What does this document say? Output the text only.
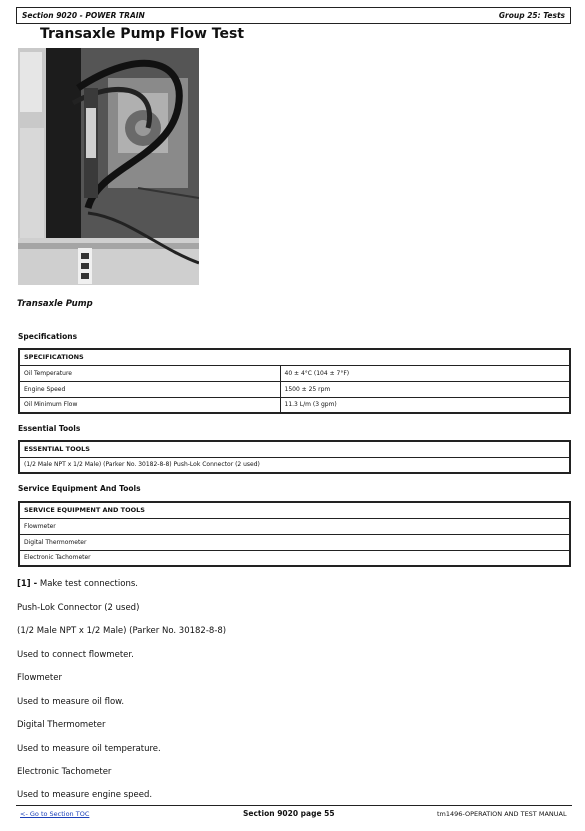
Section 9020 - POWER TRAIN	Group 25: Tests
Transaxle Pump Flow Test
Transaxle Pump
Specifications
SPECIFICATIONS	
Oil Temperature	40 ± 4°C (104 ± 7°F)
Engine Speed	1500 ± 25 rpm
Oil Minimum Flow	11.3 L/m (3 gpm)
Essential Tools
ESSENTIAL TOOLS
(1/2 Male NPT x 1/2 Male) (Parker No. 30182-8-8) Push-Lok Connector (2 used)
Service Equipment And Tools
SERVICE EQUIPMENT AND TOOLS
Flowmeter
Digital Thermometer
Electronic Tachometer
[1] - Make test connections.
Push-Lok Connector (2 used)
(1/2 Male NPT x 1/2 Male) (Parker No. 30182-8-8)
Used to connect flowmeter.
Flowmeter
Used to measure oil flow.
Digital Thermometer
Used to measure oil temperature.
Electronic Tachometer
Used to measure engine speed.
<- Go to Section TOC	Section 9020 page 55	tm1496-OPERATION AND TEST MANUAL
